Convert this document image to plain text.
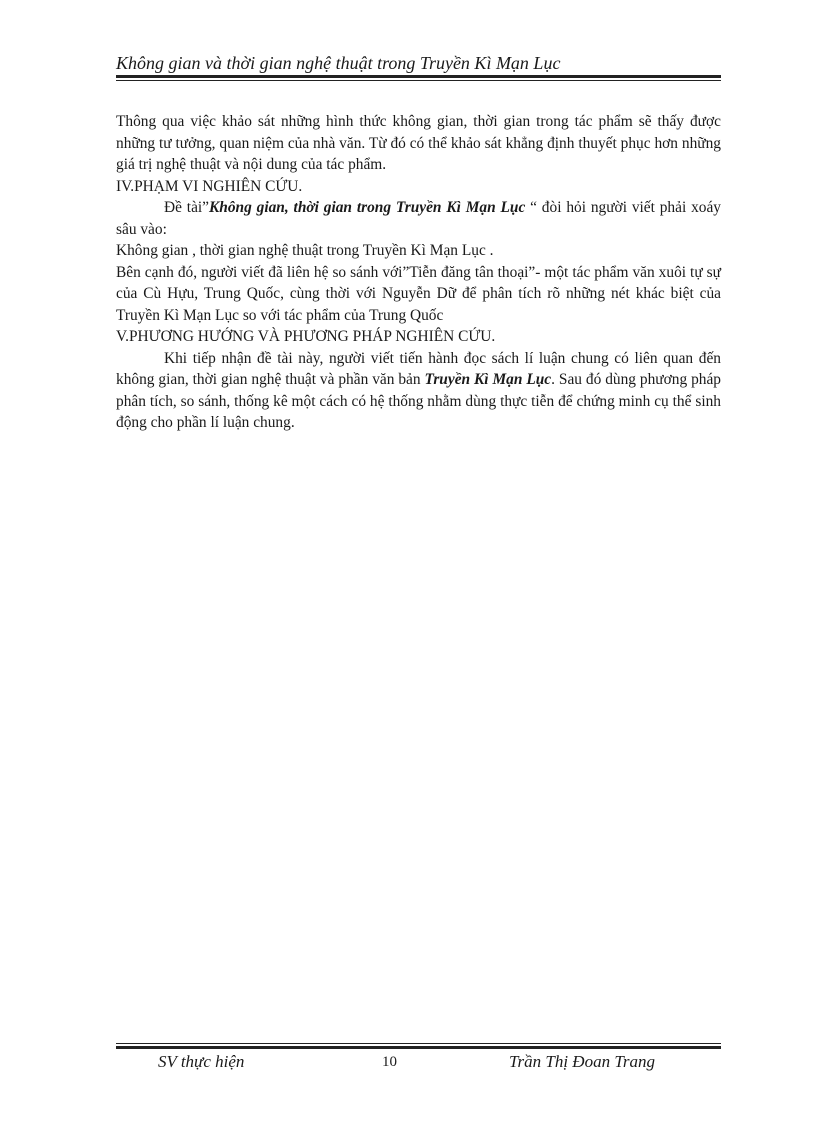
Không gian và thời gian nghệ thuật trong Truyền Kì Mạn Lục

Thông qua việc khảo sát những hình thức không gian, thời gian trong tác phẩm sẽ thấy được những tư tưởng, quan niệm của nhà văn. Từ đó có thể khảo sát khẳng định thuyết phục hơn những giá trị nghệ thuật và nội dung của tác phẩm.

IV.PHẠM VI NGHIÊN CỨU.

Đề tài”Không gian, thời gian trong Truyền Kì Mạn Lục “ đòi hỏi người viết phải xoáy sâu vào:

Không gian , thời gian nghệ thuật trong Truyền Kì Mạn Lục .

Bên cạnh đó, người viết đã liên hệ so sánh với”Tiễn đăng tân thoại”- một tác phẩm văn xuôi tự sự của Cù Hựu, Trung Quốc, cùng thời với Nguyễn Dữ để phân tích rõ những nét khác biệt của Truyền Kì Mạn Lục so với tác phẩm của Trung Quốc

V.PHƯƠNG HƯỚNG VÀ PHƯƠNG PHÁP NGHIÊN CỨU.

Khi tiếp nhận đề tài này, người viết tiến hành đọc sách lí luận chung có liên quan đến không gian, thời gian nghệ thuật và phần văn bản Truyền Kì Mạn Lục. Sau đó dùng phương pháp phân tích, so sánh, thống kê một cách có hệ thống nhằm dùng thực tiễn để chứng minh cụ thể sinh động cho phần lí luận chung.

SV thực hiện	10	Trần Thị Đoan Trang
